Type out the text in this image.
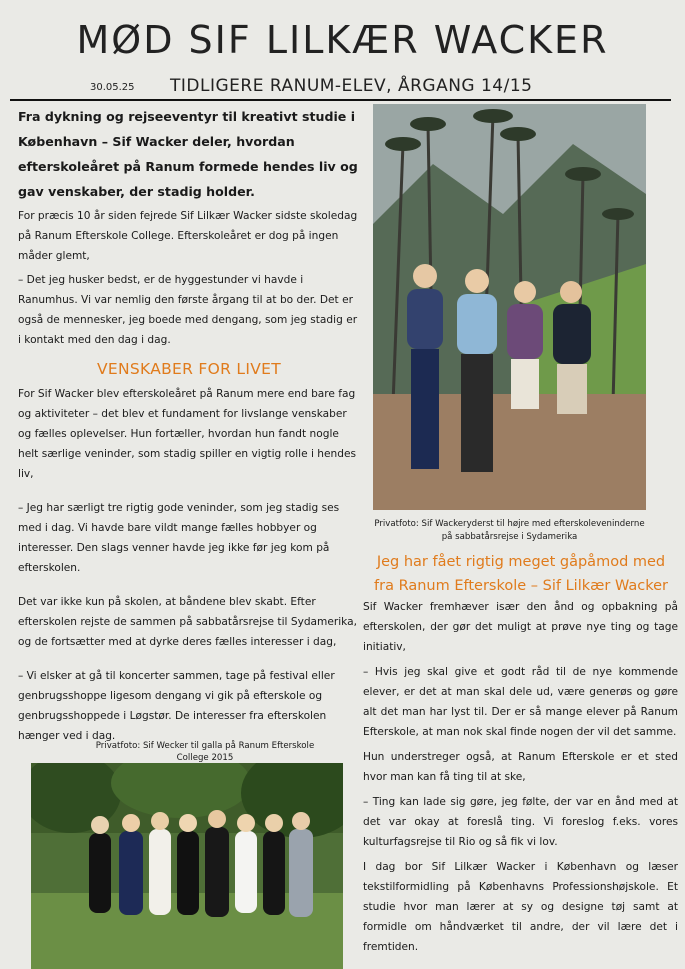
MØD SIF LILKÆR WACKER
30.05.25 TIDLIGERE RANUM-ELEV, ÅRGANG 14/15

Fra dykning og rejseeventyr til kreativt studie i København – Sif Wacker deler, hvordan efterskoleåret på Ranum formede hendes liv og gav venskaber, der stadig holder.

For præcis 10 år siden fejrede Sif Lilkær Wacker sidste skoledag på Ranum Efterskole College. Efterskoleåret er dog på ingen måder glemt,

– Det jeg husker bedst, er de hyggestunder vi havde i Ranumhus. Vi var nemlig den første årgang til at bo der. Det er også de mennesker, jeg boede med dengang, som jeg stadig er i kontakt med den dag i dag.

VENSKABER FOR LIVET

For Sif Wacker blev efterskoleåret på Ranum mere end bare fag og aktiviteter – det blev et fundament for livslange venskaber og fælles oplevelser. Hun fortæller, hvordan hun fandt nogle helt særlige veninder, som stadig spiller en vigtig rolle i hendes liv,

– Jeg har særligt tre rigtig gode veninder, som jeg stadig ses med i dag. Vi havde bare vildt mange fælles hobbyer og interesser. Den slags venner havde jeg ikke før jeg kom på efterskolen.

Det var ikke kun på skolen, at båndene blev skabt. Efter efterskolen rejste de sammen på sabbatårsrejse til Sydamerika, og de fortsætter med at dyrke deres fælles interesser i dag,

– Vi elsker at gå til koncerter sammen, tage på festival eller genbrugsshoppe ligesom dengang vi gik på efterskole og genbrugsshoppede i Løgstør. De interesser fra efterskolen hænger ved i dag.

Privatfoto: Sif Wecker til galla på Ranum Efterskole College 2015
Privatfoto: Sif Wackeryderst til højre med efterskoleveninderne på sabbatårsrejse i Sydamerika
Jeg har fået rigtig meget gåpåmod med fra Ranum Efterskole – Sif Lilkær Wacker

Sif Wacker fremhæver især den ånd og opbakning på efterskolen, der gør det muligt at prøve nye ting og tage initiativ,

– Hvis jeg skal give et godt råd til de nye kommende elever, er det at man skal dele ud, være generøs og gøre alt det man har lyst til. Der er så mange elever på Ranum Efterskole, at man nok skal finde nogen der vil det samme.

Hun understreger også, at Ranum Efterskole er et sted hvor man kan få ting til at ske,

– Ting kan lade sig gøre, jeg følte, der var en ånd med at det var okay at foreslå ting. Vi foreslog f.eks. vores kulturfagsrejse til Rio og så fik vi lov.

I dag bor Sif Lilkær Wacker i København og læser tekstilformidling på Københavns Professionshøjskole. Et studie hvor man lærer at sy og designe tøj samt at formidle om håndværket til andre, der vil lære det i fremtiden.
